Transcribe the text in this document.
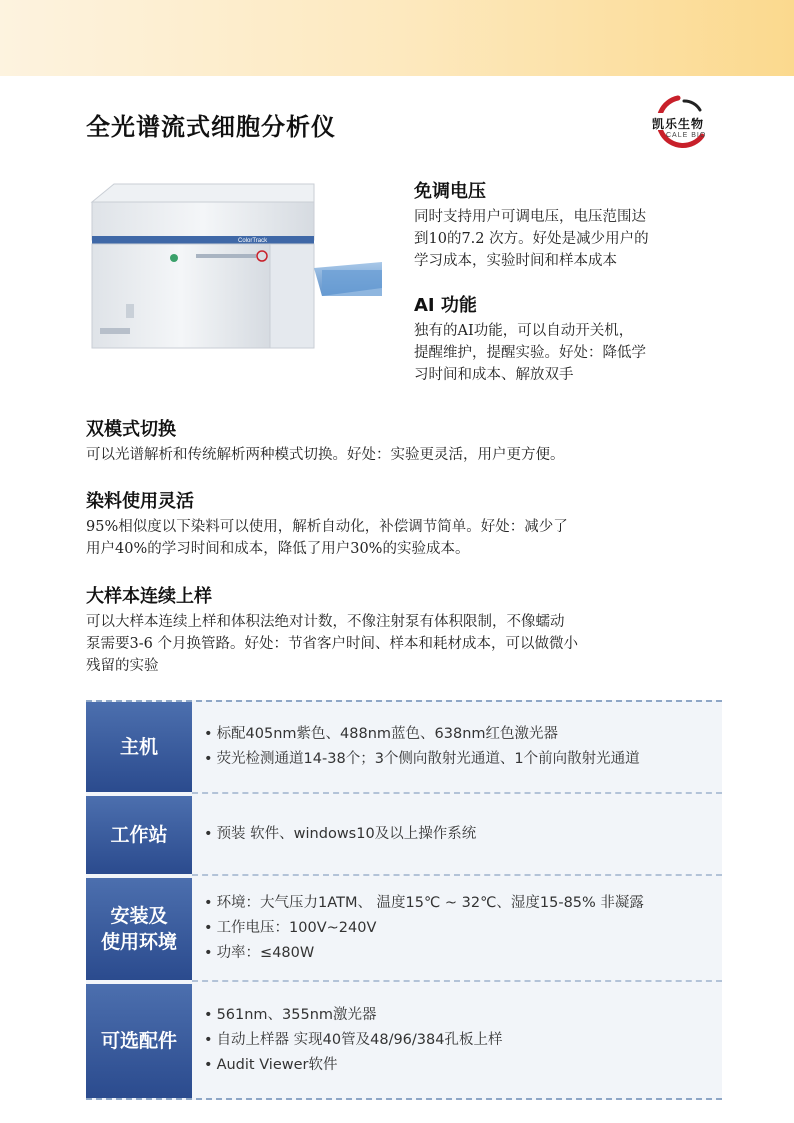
全光谱流式细胞分析仪	凯乐生物
CALE BIO
ColorTrack
免调电压
同时支持用户可调电压，电压范围达
到10的7.2 次方。好处是减少用户的
学习成本，实验时间和样本成本
AI 功能
独有的AI功能，可以自动开关机，
提醒维护，提醒实验。好处：降低学
习时间和成本、解放双手
双模式切换
可以光谱解析和传统解析两种模式切换。好处：实验更灵活，用户更方便。
染料使用灵活
95%相似度以下染料可以使用，解析自动化，补偿调节简单。好处：减少了
用户40%的学习时间和成本，降低了用户30%的实验成本。
大样本连续上样
可以大样本连续上样和体积法绝对计数，不像注射泵有体积限制，不像蠕动
泵需要3-6 个月换管路。好处：节省客户时间、样本和耗材成本，可以做微小
残留的实验
主机
• 标配405nm紫色、488nm蓝色、638nm红色激光器
• 荧光检测通道14-38个；3个侧向散射光通道、1个前向散射光通道
工作站
•	预装 软件、windows10及以上操作系统
安装及
使用环境
• 环境：大气压力1ATM、 温度15℃ ~ 32℃、湿度15-85% 非凝露
• 工作电压：100V~240V
• 功率：≤480W
可选配件
• 561nm、355nm激光器
• 自动上样器 实现40管及48/96/384孔板上样
• Audit Viewer软件
